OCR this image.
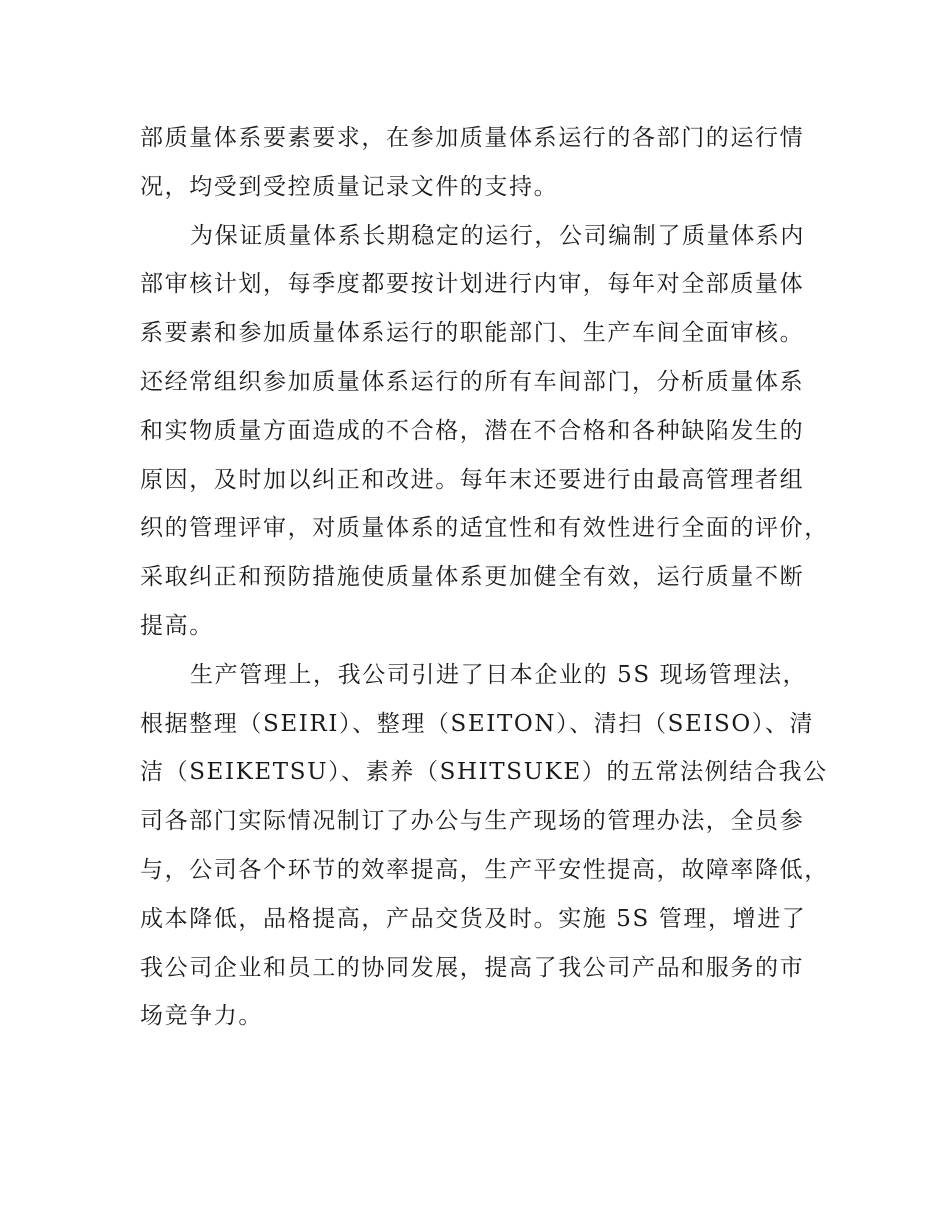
部质量体系要素要求，在参加质量体系运行的各部门的运行情
况，均受到受控质量记录文件的支持。
为保证质量体系长期稳定的运行，公司编制了质量体系内
部审核计划，每季度都要按计划进行内审，每年对全部质量体
系要素和参加质量体系运行的职能部门、生产车间全面审核。
还经常组织参加质量体系运行的所有车间部门，分析质量体系
和实物质量方面造成的不合格，潜在不合格和各种缺陷发生的
原因，及时加以纠正和改进。每年末还要进行由最高管理者组
织的管理评审，对质量体系的适宜性和有效性进行全面的评价，
采取纠正和预防措施使质量体系更加健全有效，运行质量不断
提高。
生产管理上，我公司引进了日本企业的 5S 现场管理法，
根据整理（SEIRI）、整理（SEITON）、清扫（SEISO）、清
洁（SEIKETSU）、素养（SHITSUKE）的五常法例结合我公
司各部门实际情况制订了办公与生产现场的管理办法，全员参
与，公司各个环节的效率提高，生产平安性提高，故障率降低，
成本降低，品格提高，产品交货及时。实施 5S 管理，增进了
我公司企业和员工的协同发展，提高了我公司产品和服务的市
场竞争力。
